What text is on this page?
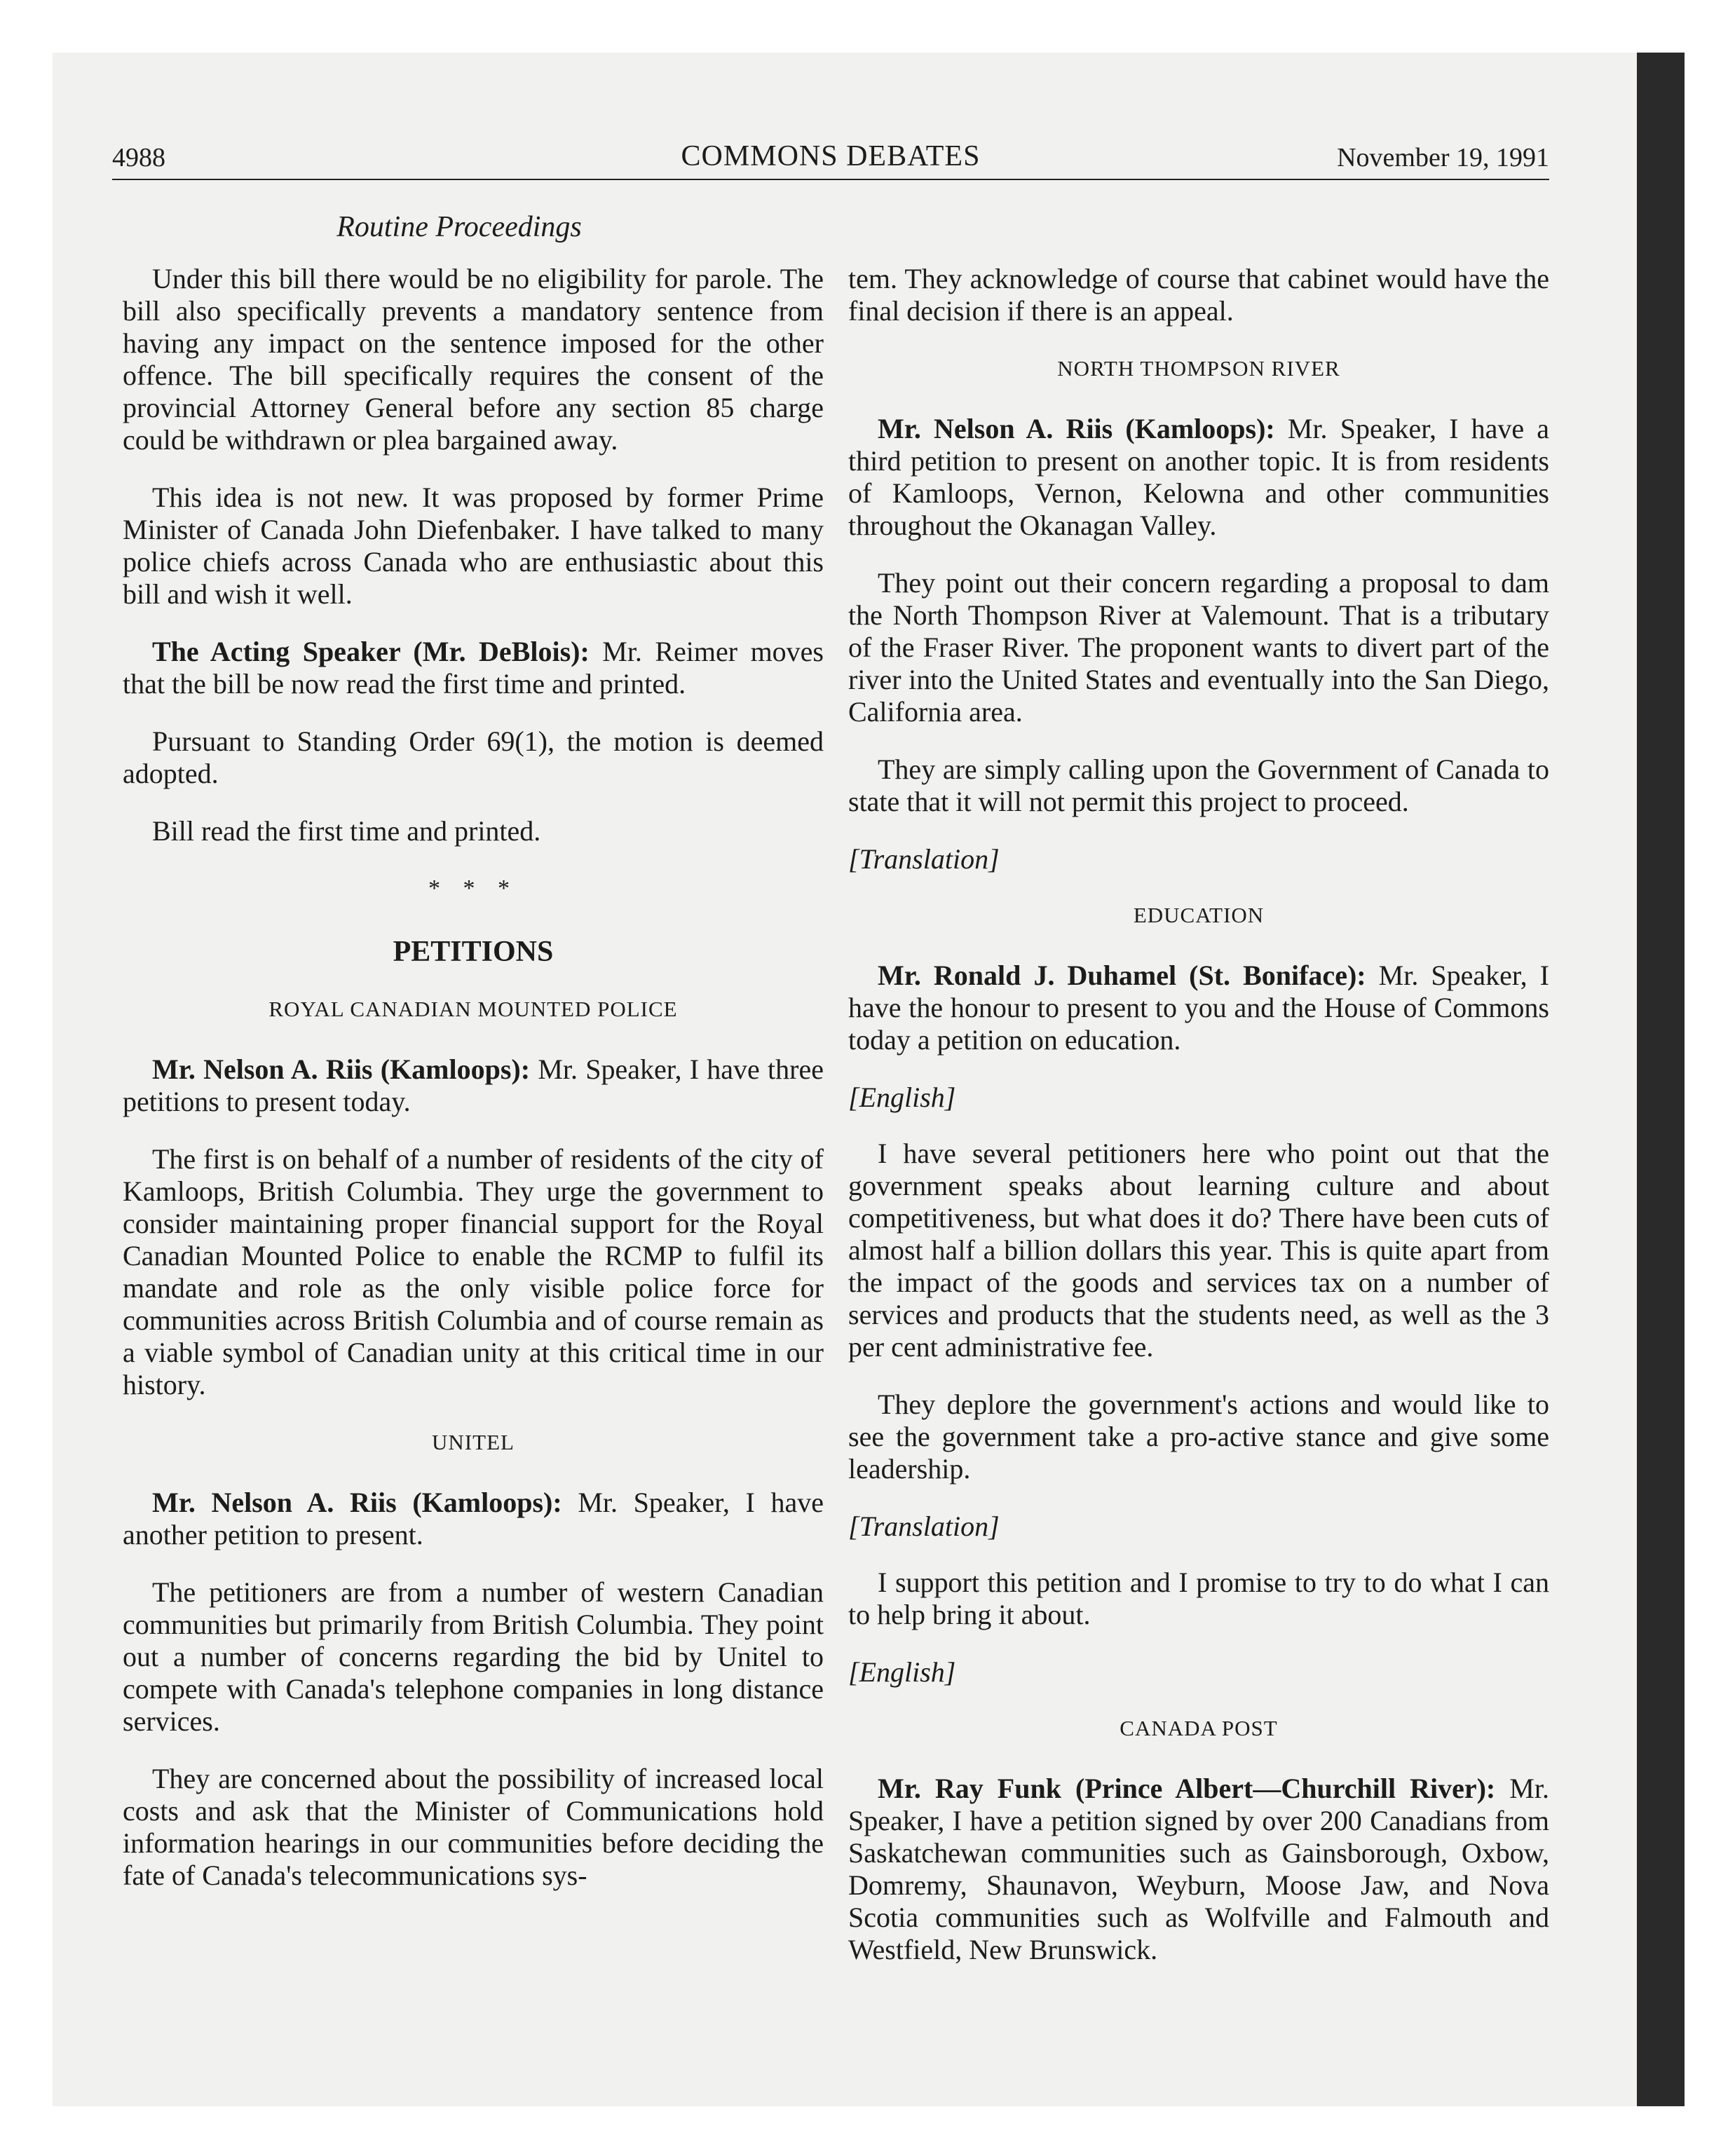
4988	COMMONS DEBATES	November 19, 1991
Routine Proceedings

Under this bill there would be no eligibility for parole. The bill also specifically prevents a mandatory sentence from having any impact on the sentence imposed for the other offence. The bill specifically requires the consent of the provincial Attorney General before any section 85 charge could be withdrawn or plea bargained away.

This idea is not new. It was proposed by former Prime Minister of Canada John Diefenbaker. I have talked to many police chiefs across Canada who are enthusiastic about this bill and wish it well.

The Acting Speaker (Mr. DeBlois): Mr. Reimer moves that the bill be now read the first time and printed.

Pursuant to Standing Order 69(1), the motion is deemed adopted.

Bill read the first time and printed.

* * *
PETITIONS
ROYAL CANADIAN MOUNTED POLICE

Mr. Nelson A. Riis (Kamloops): Mr. Speaker, I have three petitions to present today.

The first is on behalf of a number of residents of the city of Kamloops, British Columbia. They urge the government to consider maintaining proper financial support for the Royal Canadian Mounted Police to enable the RCMP to fulfil its mandate and role as the only visible police force for communities across British Columbia and of course remain as a viable symbol of Canadian unity at this critical time in our history.

UNITEL

Mr. Nelson A. Riis (Kamloops): Mr. Speaker, I have another petition to present.

The petitioners are from a number of western Canadian communities but primarily from British Columbia. They point out a number of concerns regarding the bid by Unitel to compete with Canada's telephone companies in long distance services.

They are concerned about the possibility of increased local costs and ask that the Minister of Communications hold information hearings in our communities before deciding the fate of Canada's telecommunications sys-

tem. They acknowledge of course that cabinet would have the final decision if there is an appeal.

NORTH THOMPSON RIVER

Mr. Nelson A. Riis (Kamloops): Mr. Speaker, I have a third petition to present on another topic. It is from residents of Kamloops, Vernon, Kelowna and other communities throughout the Okanagan Valley.

They point out their concern regarding a proposal to dam the North Thompson River at Valemount. That is a tributary of the Fraser River. The proponent wants to divert part of the river into the United States and eventually into the San Diego, California area.

They are simply calling upon the Government of Canada to state that it will not permit this project to proceed.

[Translation]
EDUCATION

Mr. Ronald J. Duhamel (St. Boniface): Mr. Speaker, I have the honour to present to you and the House of Commons today a petition on education.

[English]

I have several petitioners here who point out that the government speaks about learning culture and about competitiveness, but what does it do? There have been cuts of almost half a billion dollars this year. This is quite apart from the impact of the goods and services tax on a number of services and products that the students need, as well as the 3 per cent administrative fee.

They deplore the government's actions and would like to see the government take a pro-active stance and give some leadership.

[Translation]

I support this petition and I promise to try to do what I can to help bring it about.

[English]
CANADA POST

Mr. Ray Funk (Prince Albert—Churchill River): Mr. Speaker, I have a petition signed by over 200 Canadians from Saskatchewan communities such as Gainsborough, Oxbow, Domremy, Shaunavon, Weyburn, Moose Jaw, and Nova Scotia communities such as Wolfville and Falmouth and Westfield, New Brunswick.
